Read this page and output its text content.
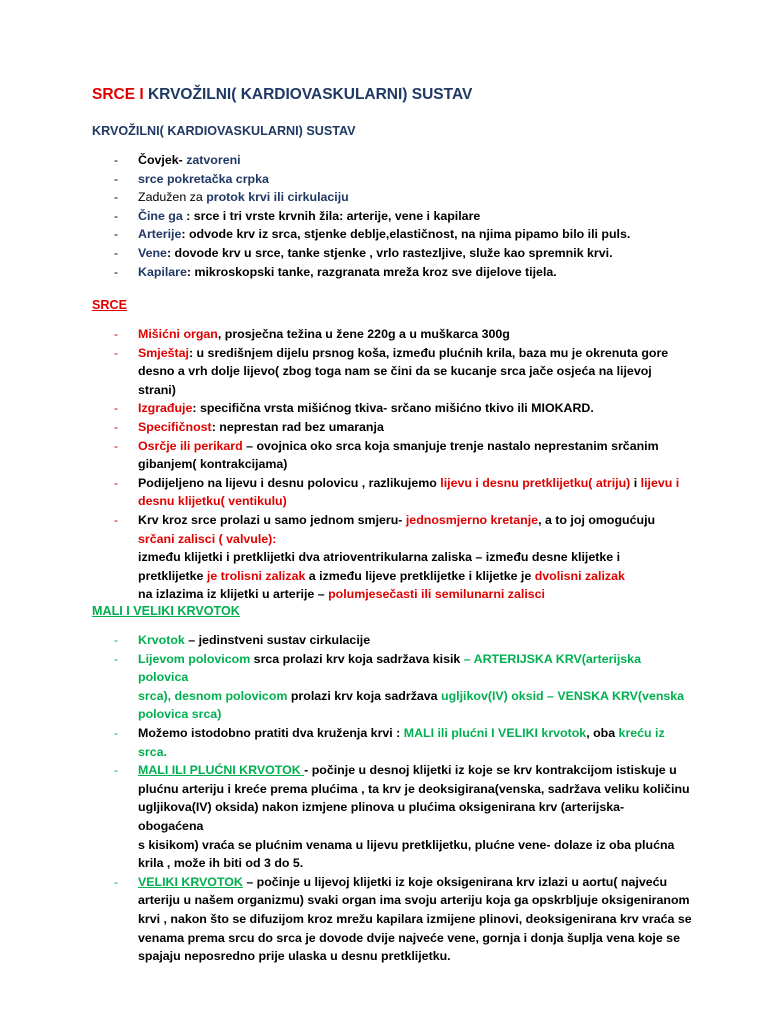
SRCE I KRVOŽILNI( KARDIOVASKULARNI) SUSTAV
KRVOŽILNI( KARDIOVASKULARNI) SUSTAV
- Čovjek- zatvoreni
- srce pokretačka crpka
- Zadužen za protok krvi ili cirkulaciju
- Čine ga : srce i tri vrste krvnih žila: arterije, vene i kapilare
- Arterije: odvode krv iz srca, stjenke deblje,elastičnost, na njima pipamo bilo ili puls.
- Vene: dovode krv u srce, tanke stjenke , vrlo rastezljive, služe kao spremnik krvi.
- Kapilare: mikroskopski tanke, razgranata mreža kroz sve dijelove tijela.
SRCE
- Mišićni organ, prosječna težina u žene 220g a u muškarca 300g
- Smještaj: u središnjem dijelu prsnog koša, između plućnih krila, baza mu je okrenuta gore
desno a vrh dolje lijevo( zbog toga nam se čini da se kucanje srca jače osjeća na lijevoj strani)
- Izgrađuje: specifična vrsta mišićnog tkiva- srčano mišićno tkivo ili MIOKARD.
- Specifičnost: neprestan rad bez umaranja
- Osrčje ili perikard – ovojnica oko srca koja smanjuje trenje nastalo neprestanim srčanim
gibanjem( kontrakcijama)
- Podijeljeno na lijevu i desnu polovicu , razlikujemo lijevu i desnu pretklijetku( atriju) i lijevu i
desnu klijetku( ventikulu)
- Krv kroz srce prolazi u samo jednom smjeru- jednosmjerno kretanje, a to joj omogućuju
srčani zalisci ( valvule):
između klijetki i pretklijetki dva atrioventrikularna zaliska – između desne klijetke i
pretklijetke je trolisni zalizak a između lijeve pretklijetke i klijetke je dvolisni zalizak
na izlazima iz klijetki u arterije – polumjesečasti ili semilunarni zalisci
MALI I VELIKI KRVOTOK
- Krvotok – jedinstveni sustav cirkulacije
- Lijevom polovicom srca prolazi krv koja sadržava kisik – ARTERIJSKA KRV(arterijska polovica
srca), desnom polovicom prolazi krv koja sadržava ugljikov(IV) oksid – VENSKA KRV(venska
polovica srca)
- Možemo istodobno pratiti dva kruženja krvi : MALI ili plućni I VELIKI krvotok, oba kreću iz
srca.
- MALI ILI PLUĆNI KRVOTOK - počinje u desnoj klijetki iz koje se krv kontrakcijom istiskuje u
plućnu arteriju i kreće prema plućima , ta krv je deoksigirana(venska, sadržava veliku količinu
ugljikova(IV) oksida) nakon izmjene plinova u plućima oksigenirana krv (arterijska- obogaćena
s kisikom) vraća se plućnim venama u lijevu pretklijetku, plućne vene- dolaze iz oba plućna
krila , može ih biti od 3 do 5.
- VELIKI KRVOTOK – počinje u lijevoj klijetki iz koje oksigenirana krv izlazi u aortu( najveću
arteriju u našem organizmu) svaki organ ima svoju arteriju koja ga opskrbljuje oksigeniranom
krvi , nakon što se difuzijom kroz mrežu kapilara izmijene plinovi, deoksigenirana krv vraća se
venama prema srcu do srca je dovode dvije najveće vene, gornja i donja šuplja vena koje se
spajaju neposredno prije ulaska u desnu pretklijetku.
